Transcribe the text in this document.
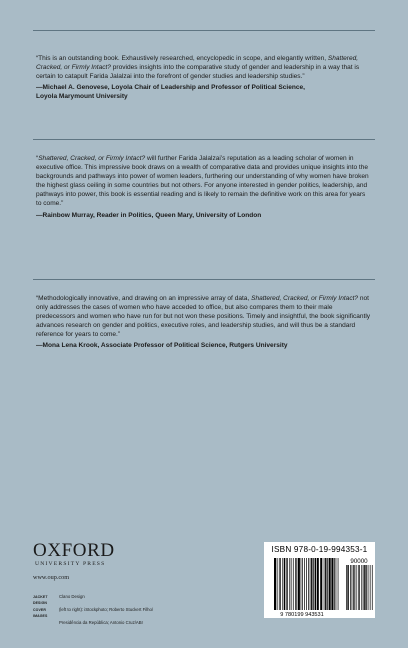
“This is an outstanding book. Exhaustively researched, encyclopedic in scope, and elegantly written, Shattered, Cracked, or Firmly Intact? provides insights into the comparative study of gender and leadership in a way that is certain to catapult Farida Jalalzai into the forefront of gender studies and leadership studies.”

—Michael A. Genovese, Loyola Chair of Leadership and Professor of Political Science,
Loyola Marymount University

“Shattered, Cracked, or Firmly Intact? will further Farida Jalalzai’s reputation as a leading scholar of women in executive office. This impressive book draws on a wealth of comparative data and provides unique insights into the backgrounds and pathways into power of women leaders, furthering our understanding of why women have broken the highest glass ceiling in some countries but not others. For anyone interested in gender politics, leadership, and pathways into power, this book is essential reading and is likely to remain the definitive work on this area for years to come.”

—Rainbow Murray, Reader in Politics, Queen Mary, University of London

“Methodologically innovative, and drawing on an impressive array of data, Shattered, Cracked, or Firmly Intact? not only addresses the cases of women who have acceded to office, but also compares them to their male predecessors and women who have run for but not won these positions. Timely and insightful, the book significantly advances research on gender and politics, executive roles, and leadership studies, and will thus be a standard reference for years to come.”

—Mona Lena Krook, Associate Professor of Political Science, Rutgers University

OXFORD
UNIVERSITY PRESS
www.oup.com
JACKET DESIGN
Clano Design
COVER IMAGES
(left to right): iStockphoto; Roberto Stuckert Filho/
Presidência da República; Antonio Cruz/ABr
ISBN 978-0-19-994353-1
90000
9 780199 943531
